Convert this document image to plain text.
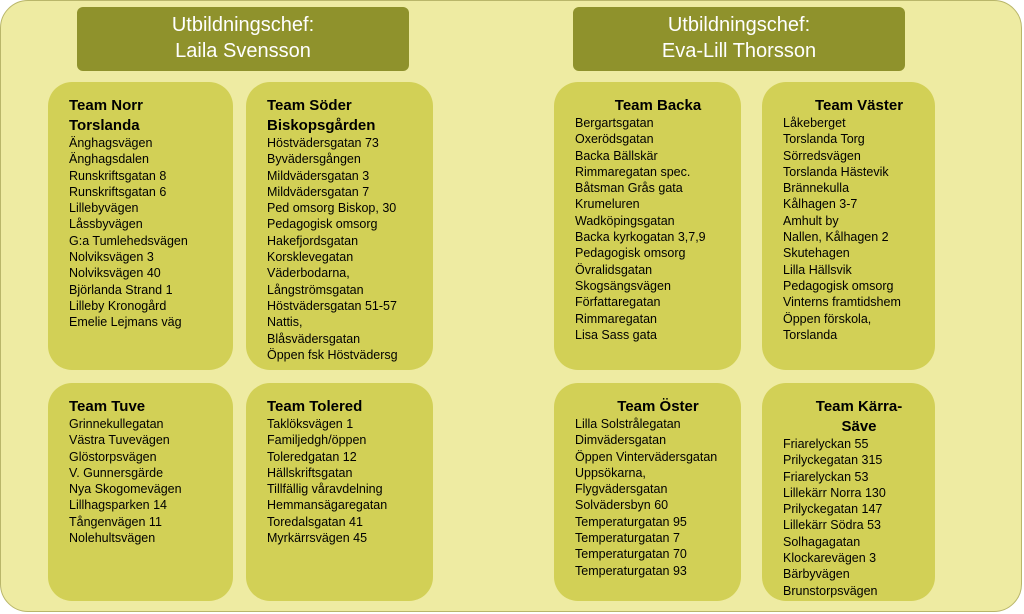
Utbildningschef:
Laila Svensson
Utbildningschef:
Eva-Lill Thorsson
Team Norr
Torslanda
Änghagsvägen
Änghagsdalen
Runskriftsgatan 8
Runskriftsgatan 6
Lillebyvägen
Låssbyvägen
G:a Tumlehedsvägen
Nolviksvägen 3
Nolviksvägen 40
Björlanda Strand 1
Lilleby Kronogård
Emelie Lejmans väg
Team Söder
Biskopsgården
Höstvädersgatan 73
Byvädersgången
Mildvädersgatan 3
Mildvädersgatan 7
Ped omsorg Biskop, 30
Pedagogisk omsorg
Hakefjordsgatan
Korsklevegatan
Väderbodarna,
Långströmsgatan
Höstvädersgatan 51-57
Nattis,
Blåsvädersgatan
Öppen fsk Höstvädersg
Team Tuve
Grinnekullegatan
Västra Tuvevägen
Glöstorpsvägen
V. Gunnersgärde
Nya Skogomevägen
Lillhagsparken 14
Tångenvägen 11
Nolehultsvägen
Team Tolered
Taklöksvägen 1
Familjedgh/öppen
Toleredgatan 12
Hällskriftsgatan
Tillfällig våravdelning
Hemmansägaregatan
Toredalsgatan 41
Myrkärrsvägen 45
Team Backa
Bergartsgatan
Oxerödsgatan
Backa Bällskär
Rimmaregatan spec.
Båtsman Grås gata
Krumeluren
Wadköpingsgatan
Backa kyrkogatan 3,7,9
Pedagogisk omsorg
Övralidsgatan
Skogsängsvägen
Författaregatan
Rimmaregatan
Lisa Sass gata
Team Väster
Låkeberget
Torslanda Torg
Sörredsvägen
Torslanda Hästevik
Brännekulla
Kålhagen 3-7
Amhult by
Nallen, Kålhagen 2
Skutehagen
Lilla Hällsvik
Pedagogisk omsorg
Vinterns framtidshem
Öppen förskola,
Torslanda
Team Öster
Lilla Solstrålegatan
Dimvädersgatan
Öppen Vintervädersgatan
Uppsökarna,
Flygvädersgatan
Solvädersbyn 60
Temperaturgatan 95
Temperaturgatan 7
Temperaturgatan 70
Temperaturgatan 93
Team Kärra-
Säve
Friarelyckan 55
Prilyckegatan 315
Friarelyckan 53
Lillekärr Norra 130
Prilyckegatan 147
Lillekärr Södra 53
Solhagagatan
Klockarevägen 3
Bärbyvägen
Brunstorpsvägen
